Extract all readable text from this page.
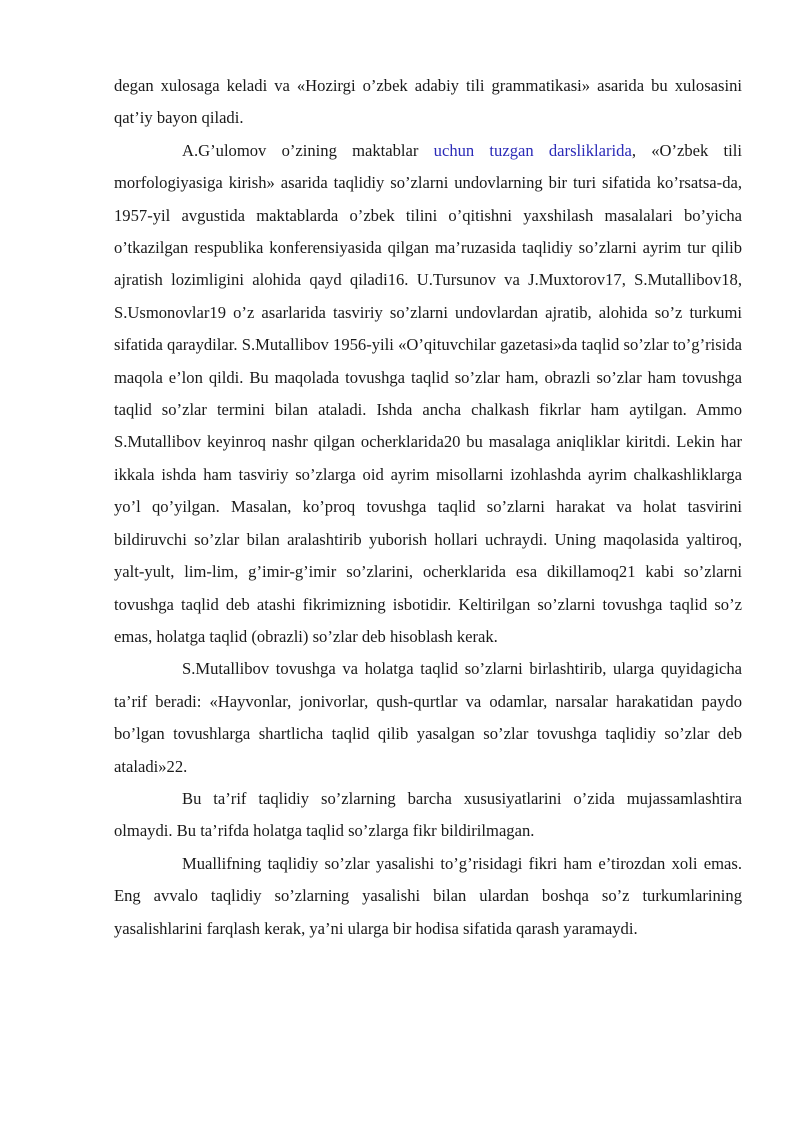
degan xulosaga keladi va «Hozirgi o’zbek adabiy tili grammatikasi» asarida bu xulosasini qat’iy bayon qiladi.

A.G’ulomov o’zining maktablar uchun tuzgan darsliklarida, «O’zbek tili morfologiyasiga kirish» asarida taqlidiy so’zlarni undovlarning bir turi sifatida ko’rsatsa-da, 1957-yil avgustida maktablarda o’zbek tilini o’qitishni yaxshilash masalalari bo’yicha o’tkazilgan respublika konferensiyasida qilgan ma’ruzasida taqlidiy so’zlarni ayrim tur qilib ajratish lozimligini alohida qayd qiladi16. U.Tursunov va J.Muxtorov17, S.Mutallibov18, S.Usmonovlar19 o’z asarlarida tasviriy so’zlarni undovlardan ajratib, alohida so’z turkumi sifatida qaraydilar. S.Mutallibov 1956-yili «O’qituvchilar gazetasi»da taqlid so’zlar to’g’risida maqola e’lon qildi. Bu maqolada tovushga taqlid so’zlar ham, obrazli so’zlar ham tovushga taqlid so’zlar termini bilan ataladi. Ishda ancha chalkash fikrlar ham aytilgan. Ammo S.Mutallibov keyinroq nashr qilgan ocherklarida20 bu masalaga aniqliklar kiritdi. Lekin har ikkala ishda ham tasviriy so’zlarga oid ayrim misollarni izohlashda ayrim chalkashliklarga yo’l qo’yilgan. Masalan, ko’proq tovushga taqlid so’zlarni harakat va holat tasvirini bildiruvchi so’zlar bilan aralashtirib yuborish hollari uchraydi. Uning maqolasida yaltiroq, yalt-yult, lim-lim, g’imir-g’imir so’zlarini, ocherklarida esa dikillamoq21 kabi so’zlarni tovushga taqlid deb atashi fikrimizning isbotidir. Keltirilgan so’zlarni tovushga taqlid so’z emas, holatga taqlid (obrazli) so’zlar deb hisoblash kerak.

S.Mutallibov tovushga va holatga taqlid so’zlarni birlashtirib, ularga quyidagicha ta’rif beradi: «Hayvonlar, jonivorlar, qush-qurtlar va odamlar, narsalar harakatidan paydo bo’lgan tovushlarga shartlicha taqlid qilib yasalgan so’zlar tovushga taqlidiy so’zlar deb ataladi»22.

Bu ta’rif taqlidiy so’zlarning barcha xususiyatlarini o’zida mujassamlashtira olmaydi. Bu ta’rifda holatga taqlid so’zlarga fikr bildirilmagan.

Muallifning taqlidiy so’zlar yasalishi to’g’risidagi fikri ham e’tirozdan xoli emas. Eng avvalo taqlidiy so’zlarning yasalishi bilan ulardan boshqa so’z turkumlarining yasalishlarini farqlash kerak, ya’ni ularga bir hodisa sifatida qarash yaramaydi.
